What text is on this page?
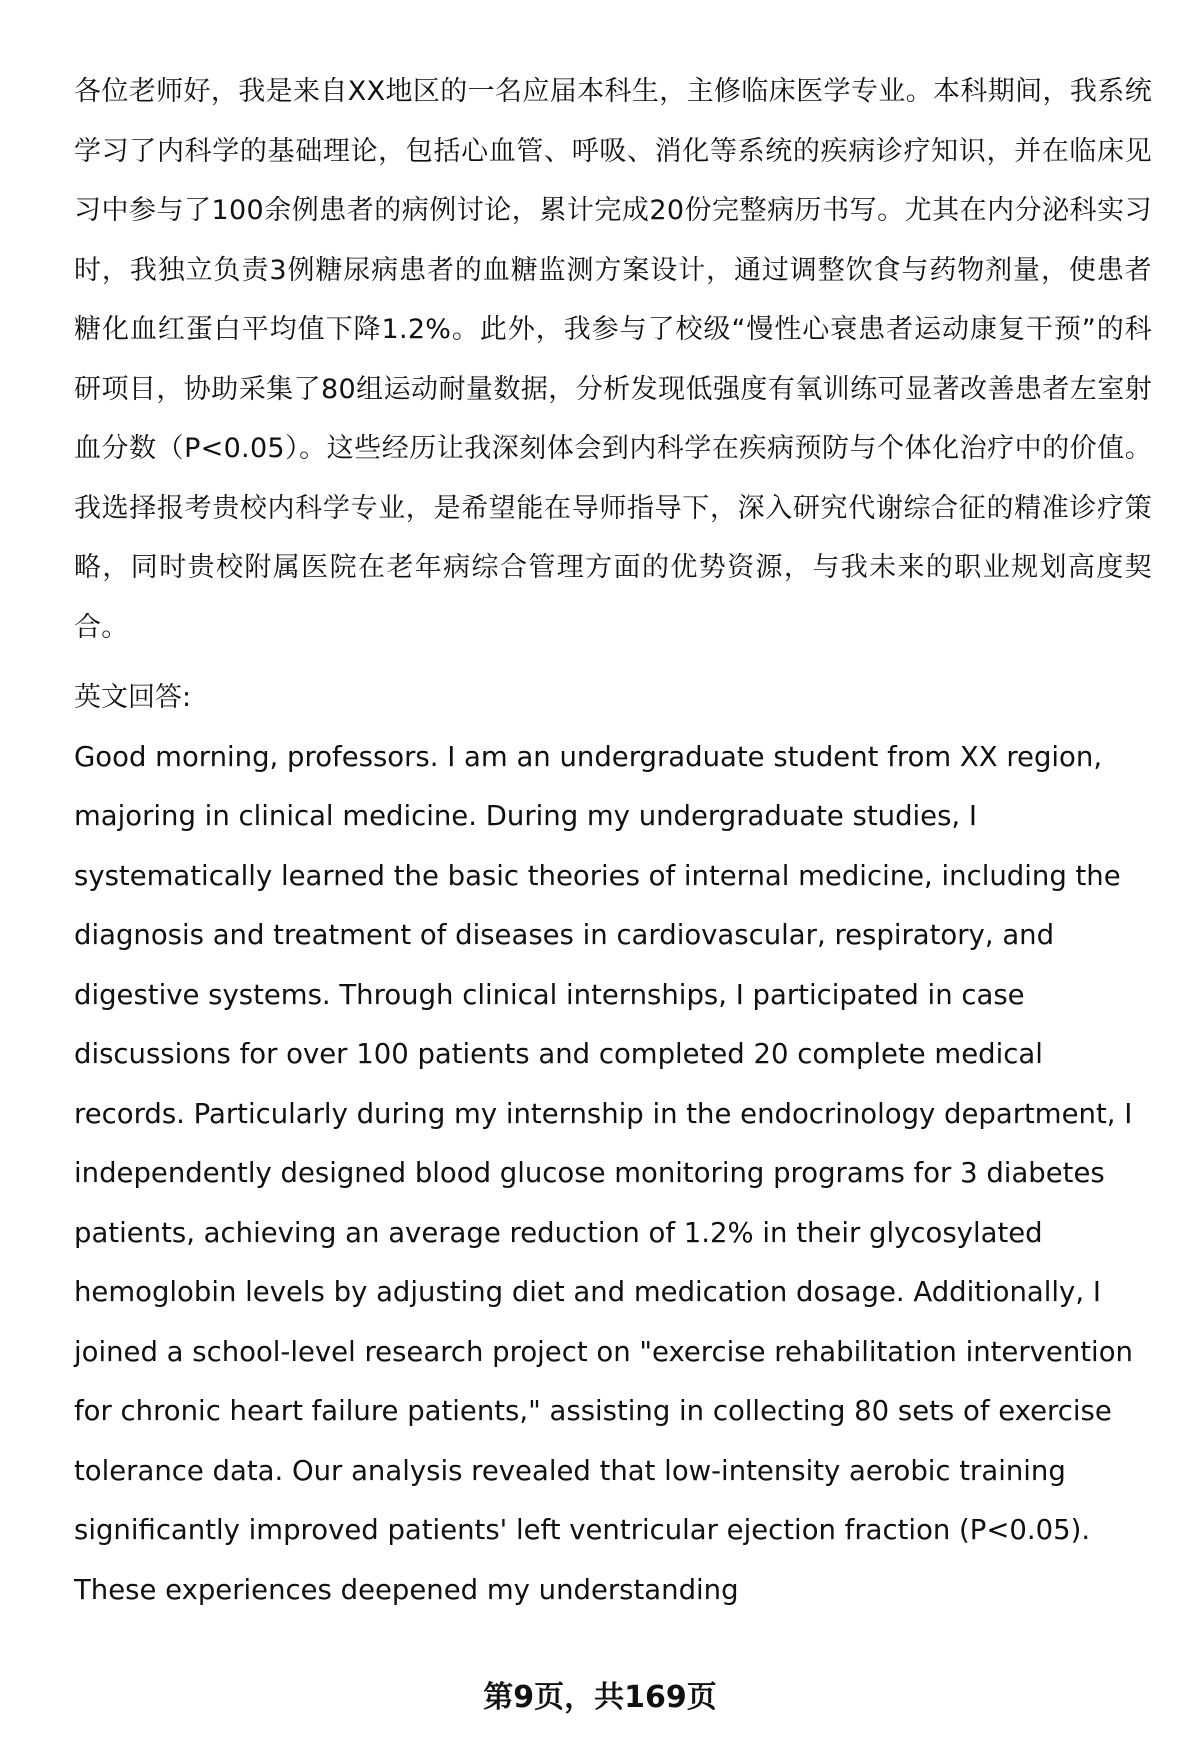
各位老师好，我是来自XX地区的一名应届本科生，主修临床医学专业。本科期间，我系统学习了内科学的基础理论，包括心血管、呼吸、消化等系统的疾病诊疗知识，并在临床见习中参与了100余例患者的病例讨论，累计完成20份完整病历书写。尤其在内分泌科实习时，我独立负责3例糖尿病患者的血糖监测方案设计，通过调整饮食与药物剂量，使患者糖化血红蛋白平均值下降1.2%。此外，我参与了校级“慢性心衰患者运动康复干预”的科研项目，协助采集了80组运动耐量数据，分析发现低强度有氧训练可显著改善患者左室射血分数（P<0.05）。这些经历让我深刻体会到内科学在疾病预防与个体化治疗中的价值。我选择报考贵校内科学专业，是希望能在导师指导下，深入研究代谢综合征的精准诊疗策略，同时贵校附属医院在老年病综合管理方面的优势资源，与我未来的职业规划高度契合。

英文回答:

Good morning, professors. I am an undergraduate student from XX region, majoring in clinical medicine. During my undergraduate studies, I systematically learned the basic theories of internal medicine, including the diagnosis and treatment of diseases in cardiovascular, respiratory, and digestive systems. Through clinical internships, I participated in case discussions for over 100 patients and completed 20 complete medical records. Particularly during my internship in the endocrinology department, I independently designed blood glucose monitoring programs for 3 diabetes patients, achieving an average reduction of 1.2% in their glycosylated hemoglobin levels by adjusting diet and medication dosage. Additionally, I joined a school-level research project on "exercise rehabilitation intervention for chronic heart failure patients," assisting in collecting 80 sets of exercise tolerance data. Our analysis revealed that low-intensity aerobic training significantly improved patients' left ventricular ejection fraction (P<0.05). These experiences deepened my understanding

第9页，共169页
